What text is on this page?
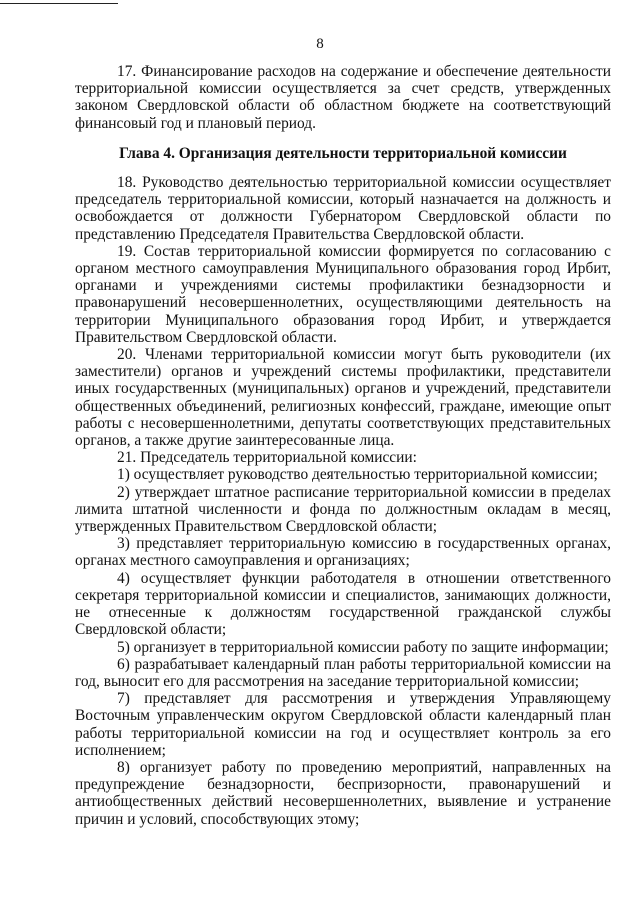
8

17. Финансирование расходов на содержание и обеспечение деятельности территориальной комиссии осуществляется за счет средств, утвержденных законом Свердловской области об областном бюджете на соответствующий финансовый год и плановый период.

Глава 4. Организация деятельности территориальной комиссии

18. Руководство деятельностью территориальной комиссии осуществляет председатель территориальной комиссии, который назначается на должность и освобождается от должности Губернатором Свердловской области по представлению Председателя Правительства Свердловской области.

19. Состав территориальной комиссии формируется по согласованию с органом местного самоуправления Муниципального образования город Ирбит, органами и учреждениями системы профилактики безнадзорности и правонарушений несовершеннолетних, осуществляющими деятельность на территории Муниципального образования город Ирбит, и утверждается Правительством Свердловской области.

20. Членами территориальной комиссии могут быть руководители (их заместители) органов и учреждений системы профилактики, представители иных государственных (муниципальных) органов и учреждений, представители общественных объединений, религиозных конфессий, граждане, имеющие опыт работы с несовершеннолетними, депутаты соответствующих представительных органов, а также другие заинтересованные лица.

21. Председатель территориальной комиссии:

1) осуществляет руководство деятельностью территориальной комиссии;

2) утверждает штатное расписание территориальной комиссии в пределах лимита штатной численности и фонда по должностным окладам в месяц, утвержденных Правительством Свердловской области;

3) представляет территориальную комиссию в государственных органах, органах местного самоуправления и организациях;

4) осуществляет функции работодателя в отношении ответственного секретаря территориальной комиссии и специалистов, занимающих должности, не отнесенные к должностям государственной гражданской службы Свердловской области;

5) организует в территориальной комиссии работу по защите информации;

6) разрабатывает календарный план работы территориальной комиссии на год, выносит его для рассмотрения на заседание территориальной комиссии;

7) представляет для рассмотрения и утверждения Управляющему Восточным управленческим округом Свердловской области календарный план работы территориальной комиссии на год и осуществляет контроль за его исполнением;

8) организует работу по проведению мероприятий, направленных на предупреждение безнадзорности, беспризорности, правонарушений и антиобщественных действий несовершеннолетних, выявление и устранение причин и условий, способствующих этому;
